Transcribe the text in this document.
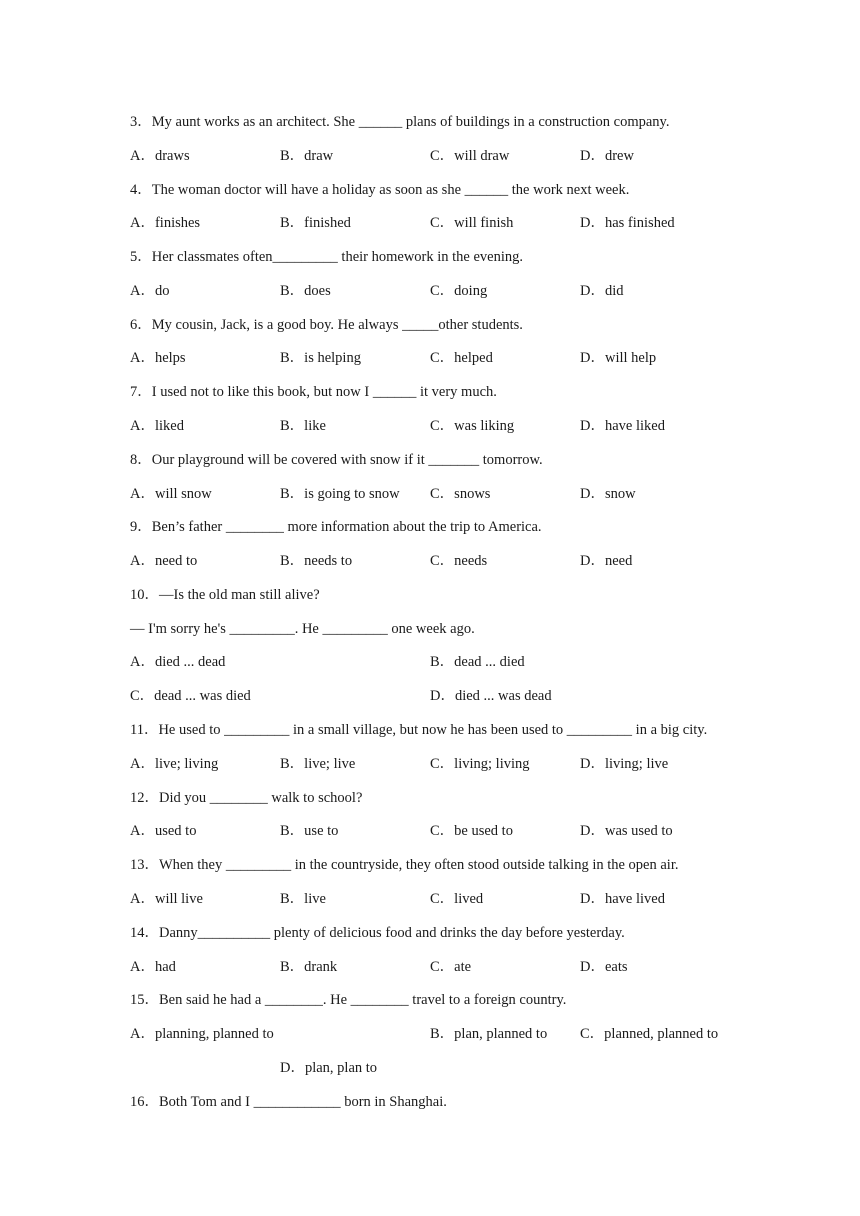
3．My aunt works as an architect. She ______ plans of buildings in a construction company.
A．draws	B．draw	C．will draw	D．drew
4．The woman doctor will have a holiday as soon as she ______ the work next week.
A．finishes	B．finished	C．will finish	D．has finished
5．Her classmates often_________ their homework in the evening.
A．do	B．does	C．doing	D．did
6．My cousin, Jack, is a good boy. He always _____other students.
A．helps	B．is helping	C．helped	D．will help
7．I used not to like this book, but now I ______ it very much.
A．liked	B．like	C．was liking	D．have liked
8．Our playground will be covered with snow if it _______ tomorrow.
A．will snow	B．is going to snow C．snows	D．snow
9．Ben’s father ________ more information about the trip to America.
A．need to	B．needs to	C．needs	D．need
10．—Is the old man still alive?
— I'm sorry he's _________. He _________ one week ago.
A．died ... dead	B．dead ... died
C．dead ... was died	D．died ... was dead
11．He used to _________ in a small village, but now he has been used to _________ in a big city.
A．live; living	B．live; live	C．living; living	D．living; live
12．Did you ________ walk to school?
A．used to	B．use to	C．be used to	D．was used to
13．When they _________ in the countryside, they often stood outside talking in the open air.
A．will live	B．live	C．lived	D．have lived
14．Danny__________ plenty of delicious food and drinks the day before yesterday.
A．had	B．drank	C．ate	D．eats
15．Ben said he had a ________. He ________ travel to a foreign country.
A．planning, planned to	B．plan, planned to C．planned, planned to
D．plan, plan to
16．Both Tom and I ____________ born in Shanghai.
